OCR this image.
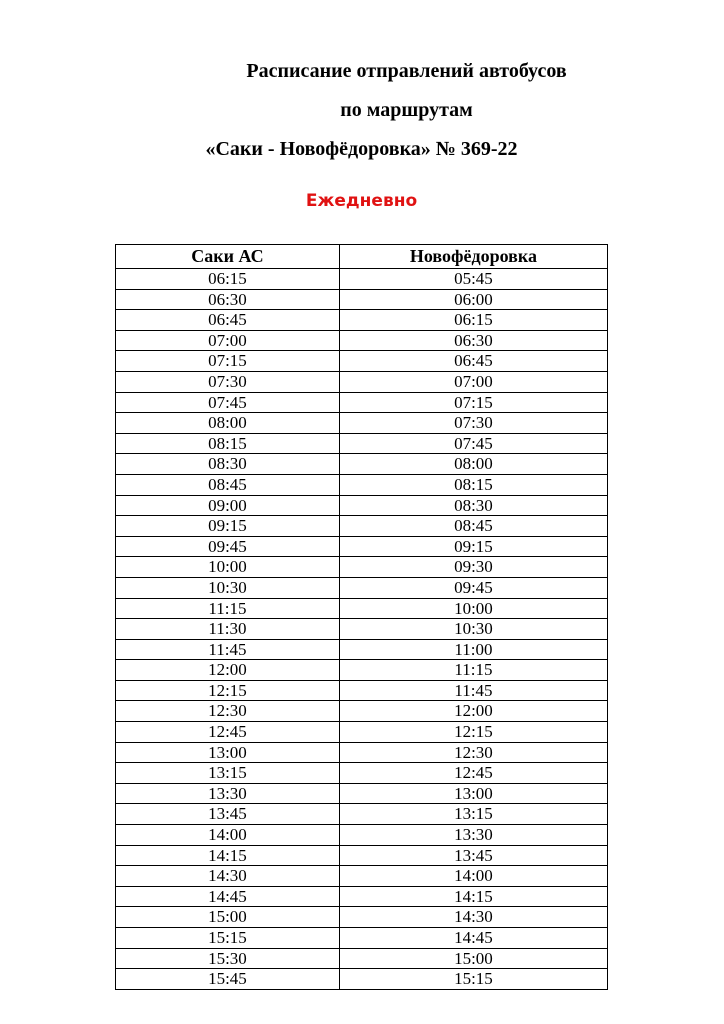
Расписание отправлений автобусов
по маршрутам
«Саки - Новофёдоровка» № 369-22
Ежедневно
Саки АС	Новофёдоровка
06:15	05:45
06:30	06:00
06:45	06:15
07:00	06:30
07:15	06:45
07:30	07:00
07:45	07:15
08:00	07:30
08:15	07:45
08:30	08:00
08:45	08:15
09:00	08:30
09:15	08:45
09:45	09:15
10:00	09:30
10:30	09:45
11:15	10:00
11:30	10:30
11:45	11:00
12:00	11:15
12:15	11:45
12:30	12:00
12:45	12:15
13:00	12:30
13:15	12:45
13:30	13:00
13:45	13:15
14:00	13:30
14:15	13:45
14:30	14:00
14:45	14:15
15:00	14:30
15:15	14:45
15:30	15:00
15:45	15:15
